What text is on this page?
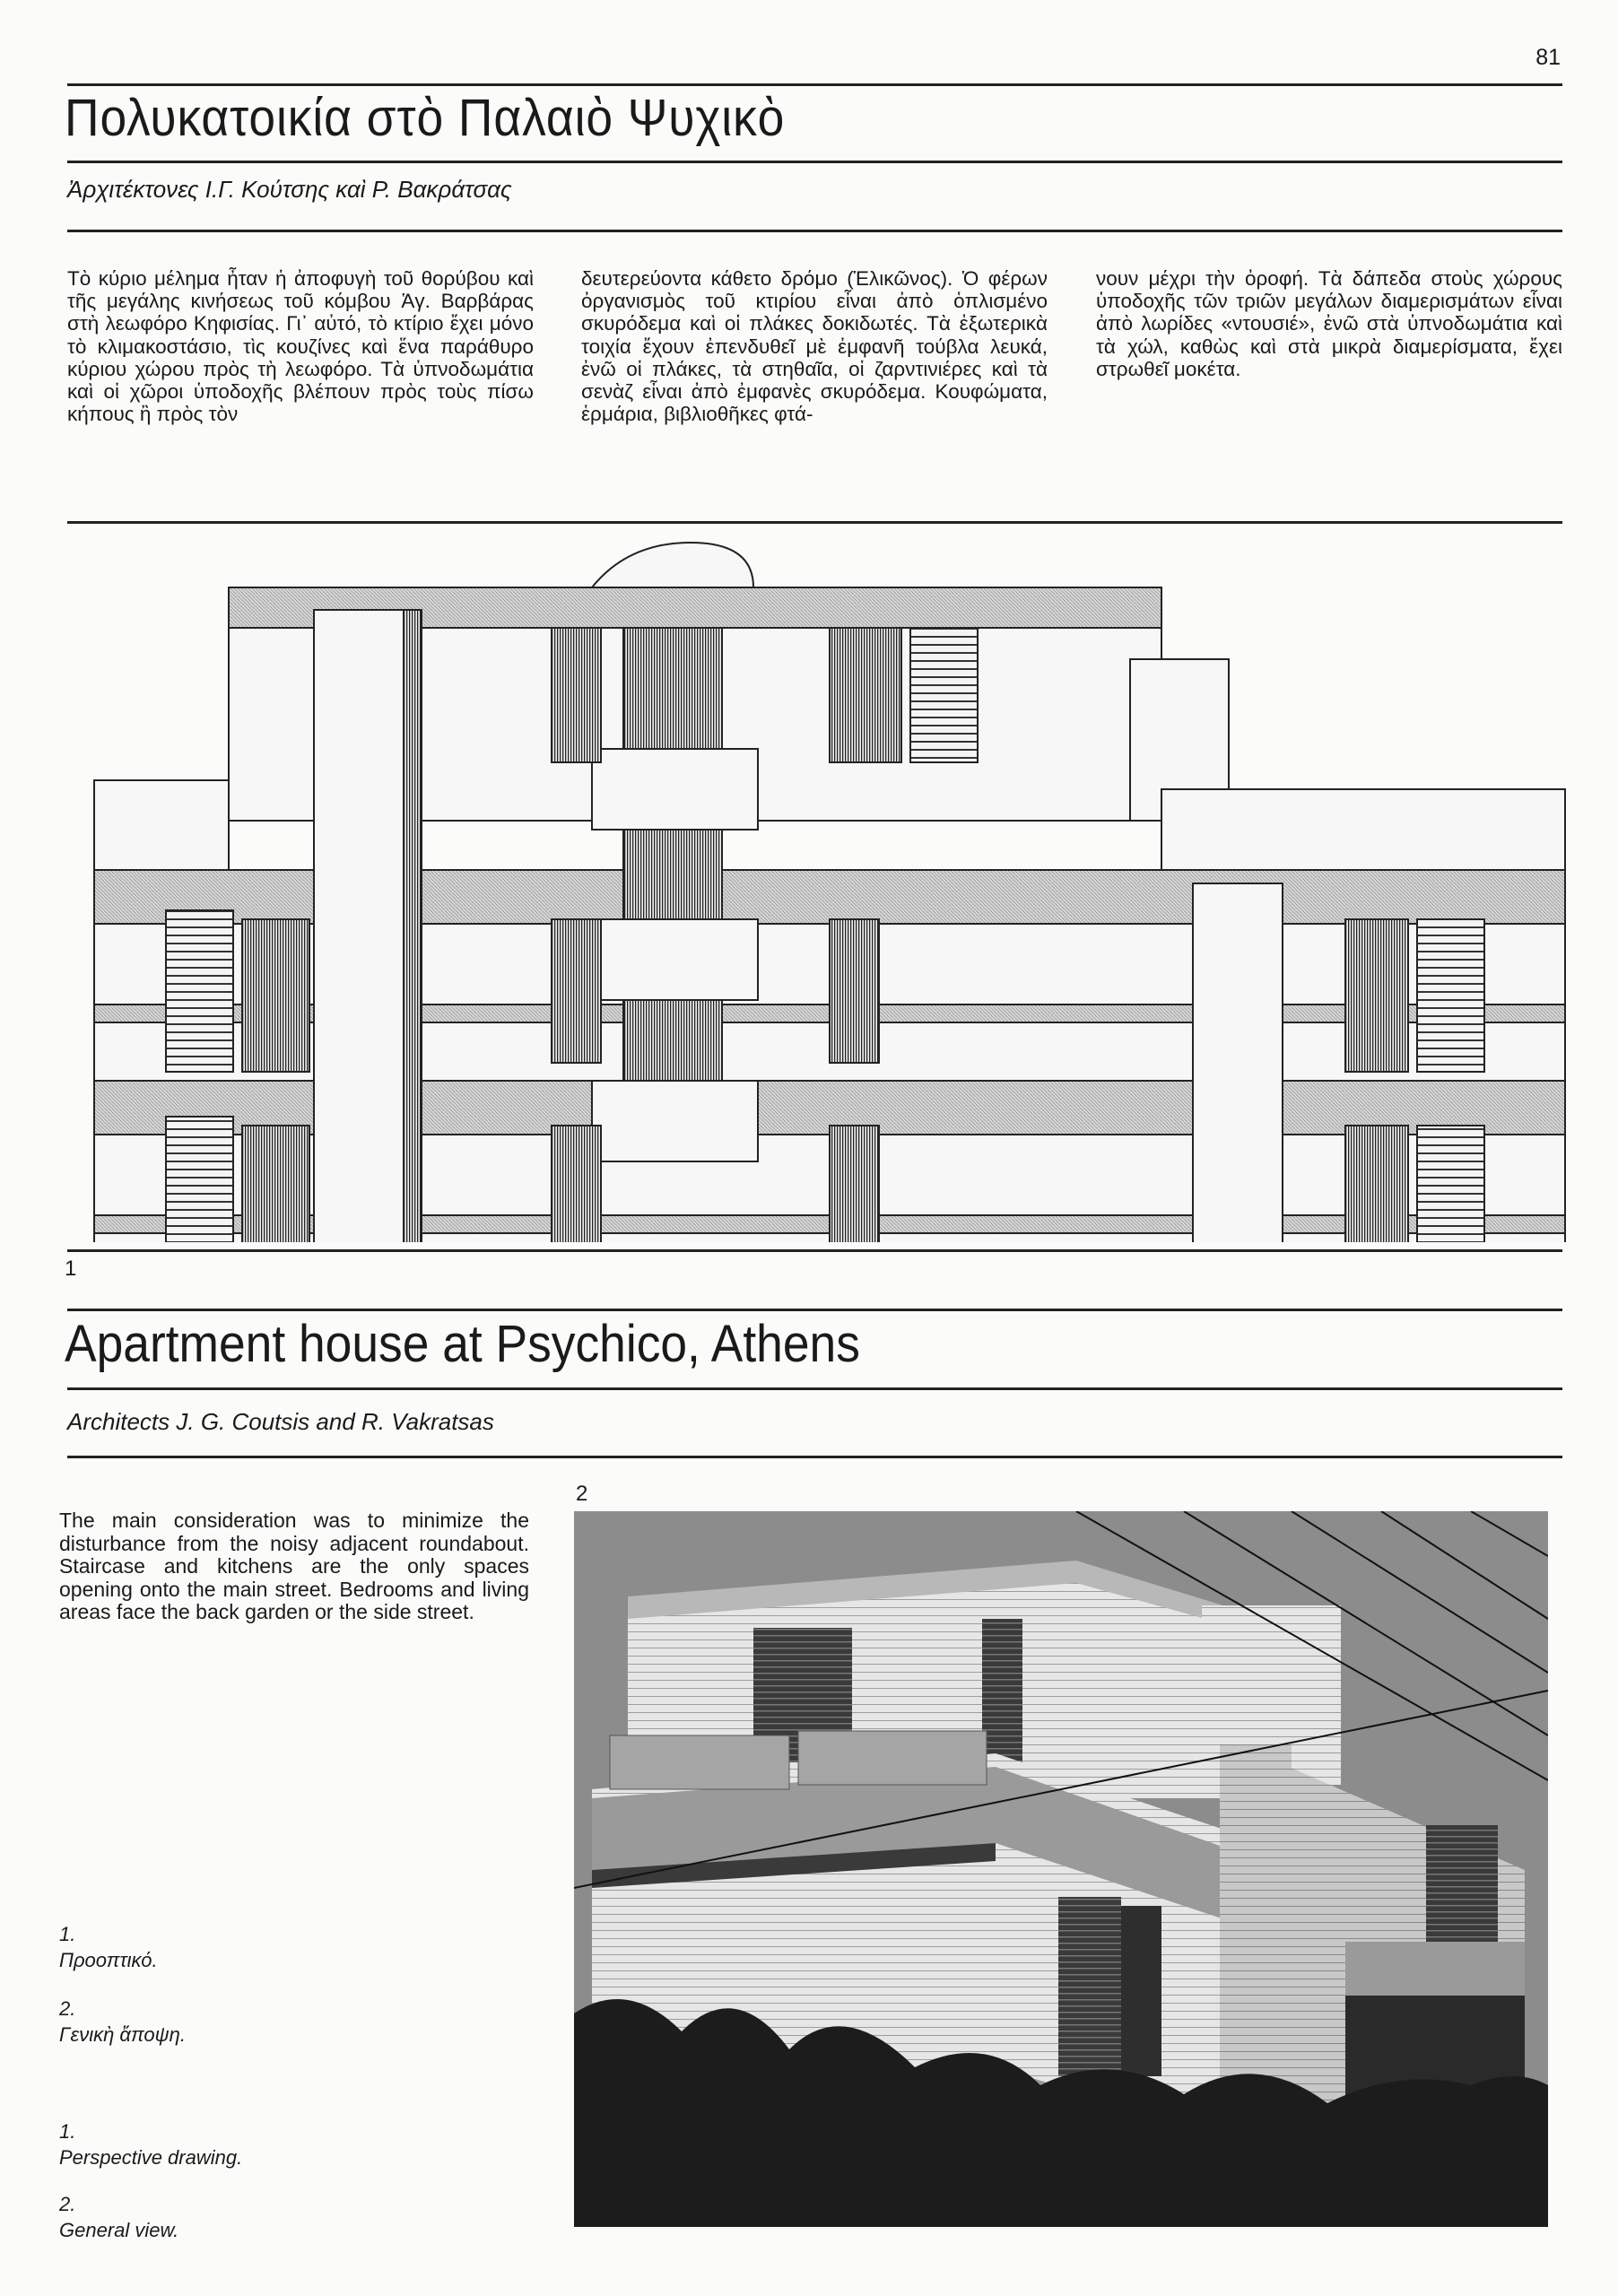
81
Πολυκατοικία στὸ Παλαιὸ Ψυχικὸ
Ἀρχιτέκτονες Ι.Γ. Κούτσης καὶ Ρ. Βακράτσας
Τὸ κύριο μέλημα ἦταν ἡ ἀποφυγὴ τοῦ θορύβου καὶ τῆς μεγάλης κινήσεως τοῦ κόμβου Ἁγ. Βαρβάρας στὴ λεωφόρο Κηφισίας. Γι᾽ αὐτό, τὸ κτίριο ἔχει μόνο τὸ κλιμακοστάσιο, τὶς κουζίνες καὶ ἕνα παράθυρο κύριου χώρου πρὸς τὴ λεωφόρο. Τὰ ὑπνοδωμάτια καὶ οἱ χῶροι ὑποδοχῆς βλέπουν πρὸς τοὺς πίσω κήπους ἢ πρὸς τὸν
δευτερεύοντα κάθετο δρόμο (Ἑλικῶνος). Ὁ φέρων ὀργανισμὸς τοῦ κτιρίου εἶναι ἀπὸ ὁπλισμένο σκυρόδεμα καὶ οἱ πλάκες δοκιδωτές. Τὰ ἐξωτερικὰ τοιχία ἔχουν ἐπενδυθεῖ μὲ ἐμφανῆ τούβλα λευκά, ἐνῶ οἱ πλάκες, τὰ στηθαῖα, οἱ ζαρντινιέρες καὶ τὰ σενὰζ εἶναι ἀπὸ ἐμφανὲς σκυρόδεμα. Κουφώματα, ἑρμάρια, βιβλιοθῆκες φτά-
νουν μέχρι τὴν ὀροφή. Τὰ δάπεδα στοὺς χώρους ὑποδοχῆς τῶν τριῶν μεγάλων διαμερισμάτων εἶναι ἀπὸ λωρίδες «ντουσιέ», ἐνῶ στὰ ὑπνοδωμάτια καὶ τὰ χώλ, καθὼς καὶ στὰ μικρὰ διαμερίσματα, ἔχει στρωθεῖ μοκέτα.
1
Apartment house at Psychico, Athens
Architects J. G. Coutsis and R. Vakratsas
The main consideration was to minimize the disturbance from the noisy adjacent roundabout. Staircase and kitchens are the only spaces opening onto the main street. Bedrooms and living areas face the back garden or the side street.
2
1.
Προοπτικό.
2.
Γενικὴ ἄποψη.
1.
Perspective drawing.
2.
General view.
